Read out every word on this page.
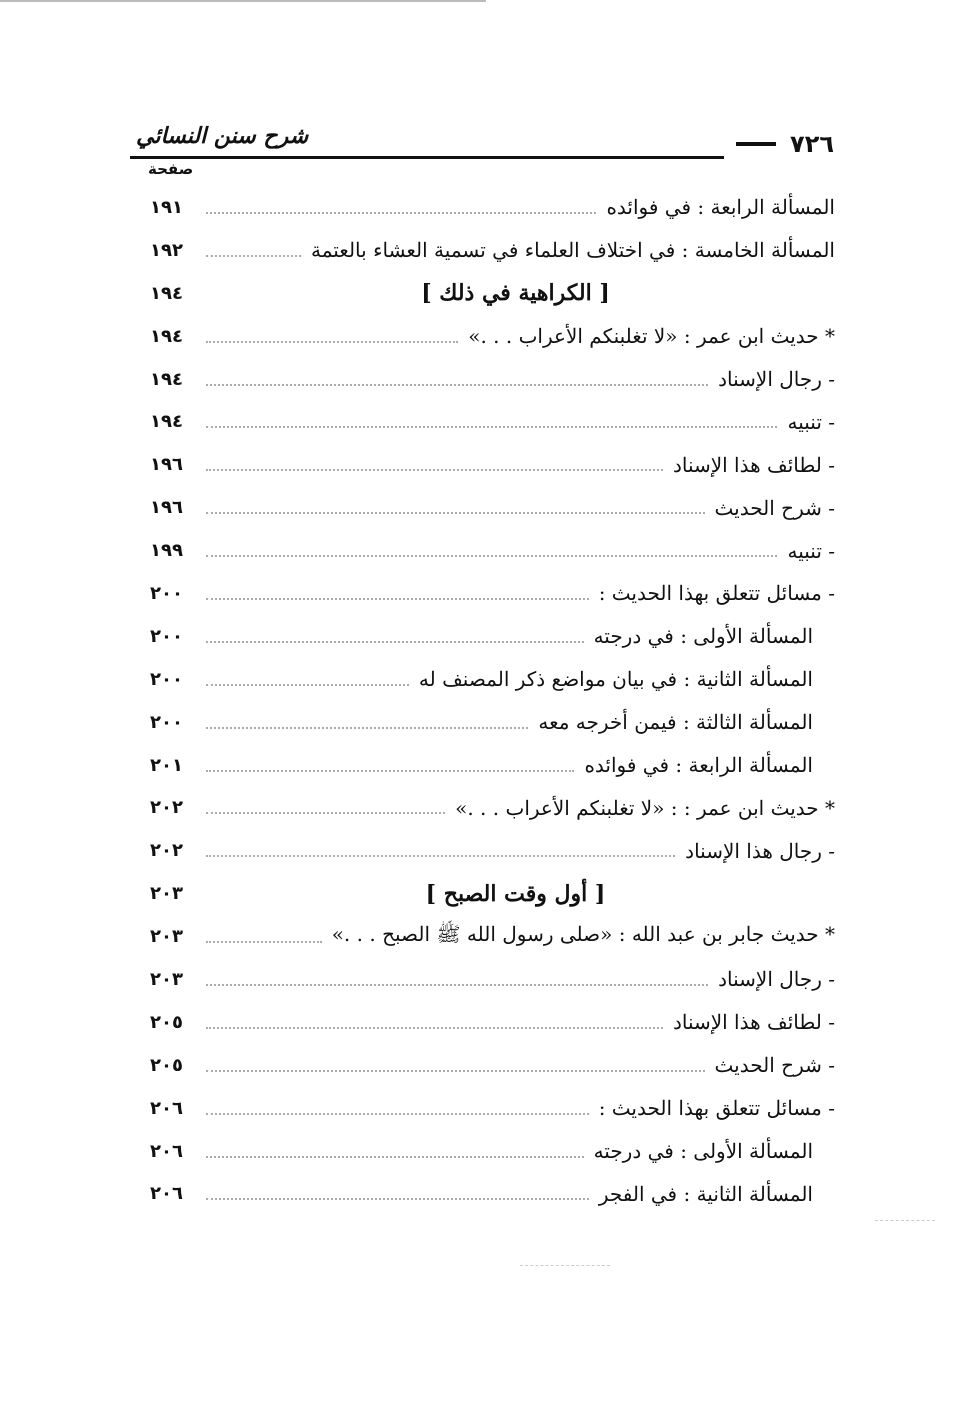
شرح سنن النسائي	٧٢٦
صفحة
المسألة الرابعة : في فوائده
١٩١
المسألة الخامسة : في اختلاف العلماء في تسمية العشاء بالعتمة
١٩٢
[ الكراهية في ذلك ]
١٩٤
* حديث ابن عمر : «لا تغلبنكم الأعراب . . .»
١٩٤
- رجال الإسناد
١٩٤
- تنبيه
١٩٤
- لطائف هذا الإسناد
١٩٦
- شرح الحديث
١٩٦
- تنبيه
١٩٩
- مسائل تتعلق بهذا الحديث :
٢٠٠
المسألة الأولى : في درجته
٢٠٠
المسألة الثانية : في بيان مواضع ذكر المصنف له
٢٠٠
المسألة الثالثة : فيمن أخرجه معه
٢٠٠
المسألة الرابعة : في فوائده
٢٠١
* حديث ابن عمر : : «لا تغلبنكم الأعراب . . .»
٢٠٢
- رجال هذا الإسناد
٢٠٢
[ أول وقت الصبح ]
٢٠٣
* حديث جابر بن عبد الله : «صلى رسول الله ﷺ الصبح . . .»
٢٠٣
- رجال الإسناد
٢٠٣
- لطائف هذا الإسناد
٢٠٥
- شرح الحديث
٢٠٥
- مسائل تتعلق بهذا الحديث :
٢٠٦
المسألة الأولى : في درجته
٢٠٦
المسألة الثانية : في الفجر
٢٠٦
